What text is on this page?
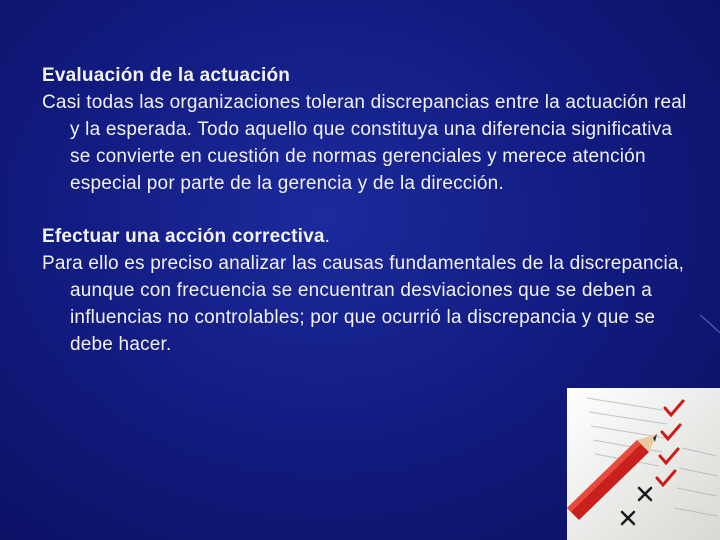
Evaluación de la actuación

Casi todas las organizaciones toleran discrepancias entre la actuación real y la esperada. Todo aquello que constituya una diferencia significativa se convierte en cuestión de normas gerenciales y merece atención especial por parte de la gerencia y de la dirección.

Efectuar una acción correctiva.

Para ello es preciso analizar las causas fundamentales de la discrepancia, aunque con frecuencia se encuentran desviaciones que se deben a influencias no controlables; por que ocurrió la discrepancia y que se debe hacer.
